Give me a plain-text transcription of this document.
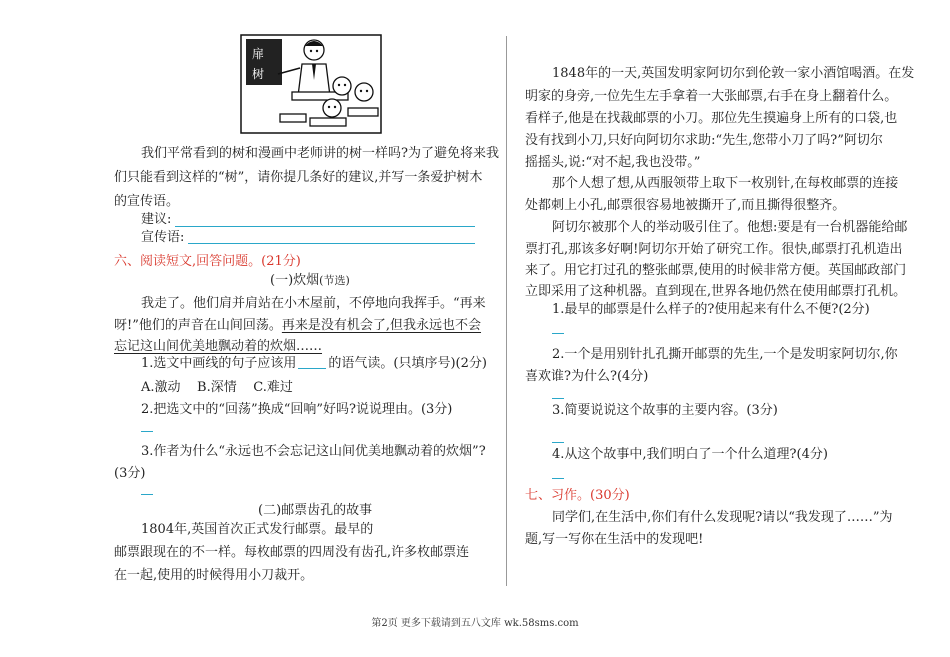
扉
树

我们平常看到的树和漫画中老师讲的树一样吗?为了避免将来我

们只能看到这样的“树”，请你提几条好的建议,并写一条爱护树木

的宣传语。

建议:

宣传语:

六、阅读短文,回答问题。(21分)

(一)炊烟(节选)

我走了。他们肩并肩站在小木屋前，不停地向我挥手。“再来

呀!”他们的声音在山间回荡。再来是没有机会了,但我永远也不会

忘记这山间优美地飘动着的炊烟……

1.选文中画线的句子应该用 的语气读。(只填序号)(2分)

A.激动    B.深情    C.难过

2.把选文中的“回荡”换成“回响”好吗?说说理由。(3分)

3.作者为什么“永远也不会忘记这山间优美地飘动着的炊烟”?

(3分)

(二)邮票齿孔的故事

1804年,英国首次正式发行邮票。最早的

邮票跟现在的不一样。每枚邮票的四周没有齿孔,许多枚邮票连

在一起,使用的时候得用小刀裁开。

1848年的一天,英国发明家阿切尔到伦敦一家小酒馆喝酒。在发

明家的身旁,一位先生左手拿着一大张邮票,右手在身上翻着什么。

看样子,他是在找裁邮票的小刀。那位先生摸遍身上所有的口袋,也

没有找到小刀,只好向阿切尔求助:“先生,您带小刀了吗?”阿切尔

摇摇头,说:“对不起,我也没带。”

那个人想了想,从西服领带上取下一枚别针,在每枚邮票的连接

处都刺上小孔,邮票很容易地被撕开了,而且撕得很整齐。

阿切尔被那个人的举动吸引住了。他想:要是有一台机器能给邮

票打孔,那该多好啊!阿切尔开始了研究工作。很快,邮票打孔机造出

来了。用它打过孔的整张邮票,使用的时候非常方便。英国邮政部门

立即采用了这种机器。直到现在,世界各地仍然在使用邮票打孔机。

1.最早的邮票是什么样子的?使用起来有什么不便?(2分)

2.一个是用别针扎孔撕开邮票的先生,一个是发明家阿切尔,你

喜欢谁?为什么?(4分)

3.简要说说这个故事的主要内容。(3分)

4.从这个故事中,我们明白了一个什么道理?(4分)

七、习作。(30分)

同学们,在生活中,你们有什么发现呢?请以“我发现了……”为

题,写一写你在生活中的发现吧!

第2页 更多下载请到五八文库 wk.58sms.com
